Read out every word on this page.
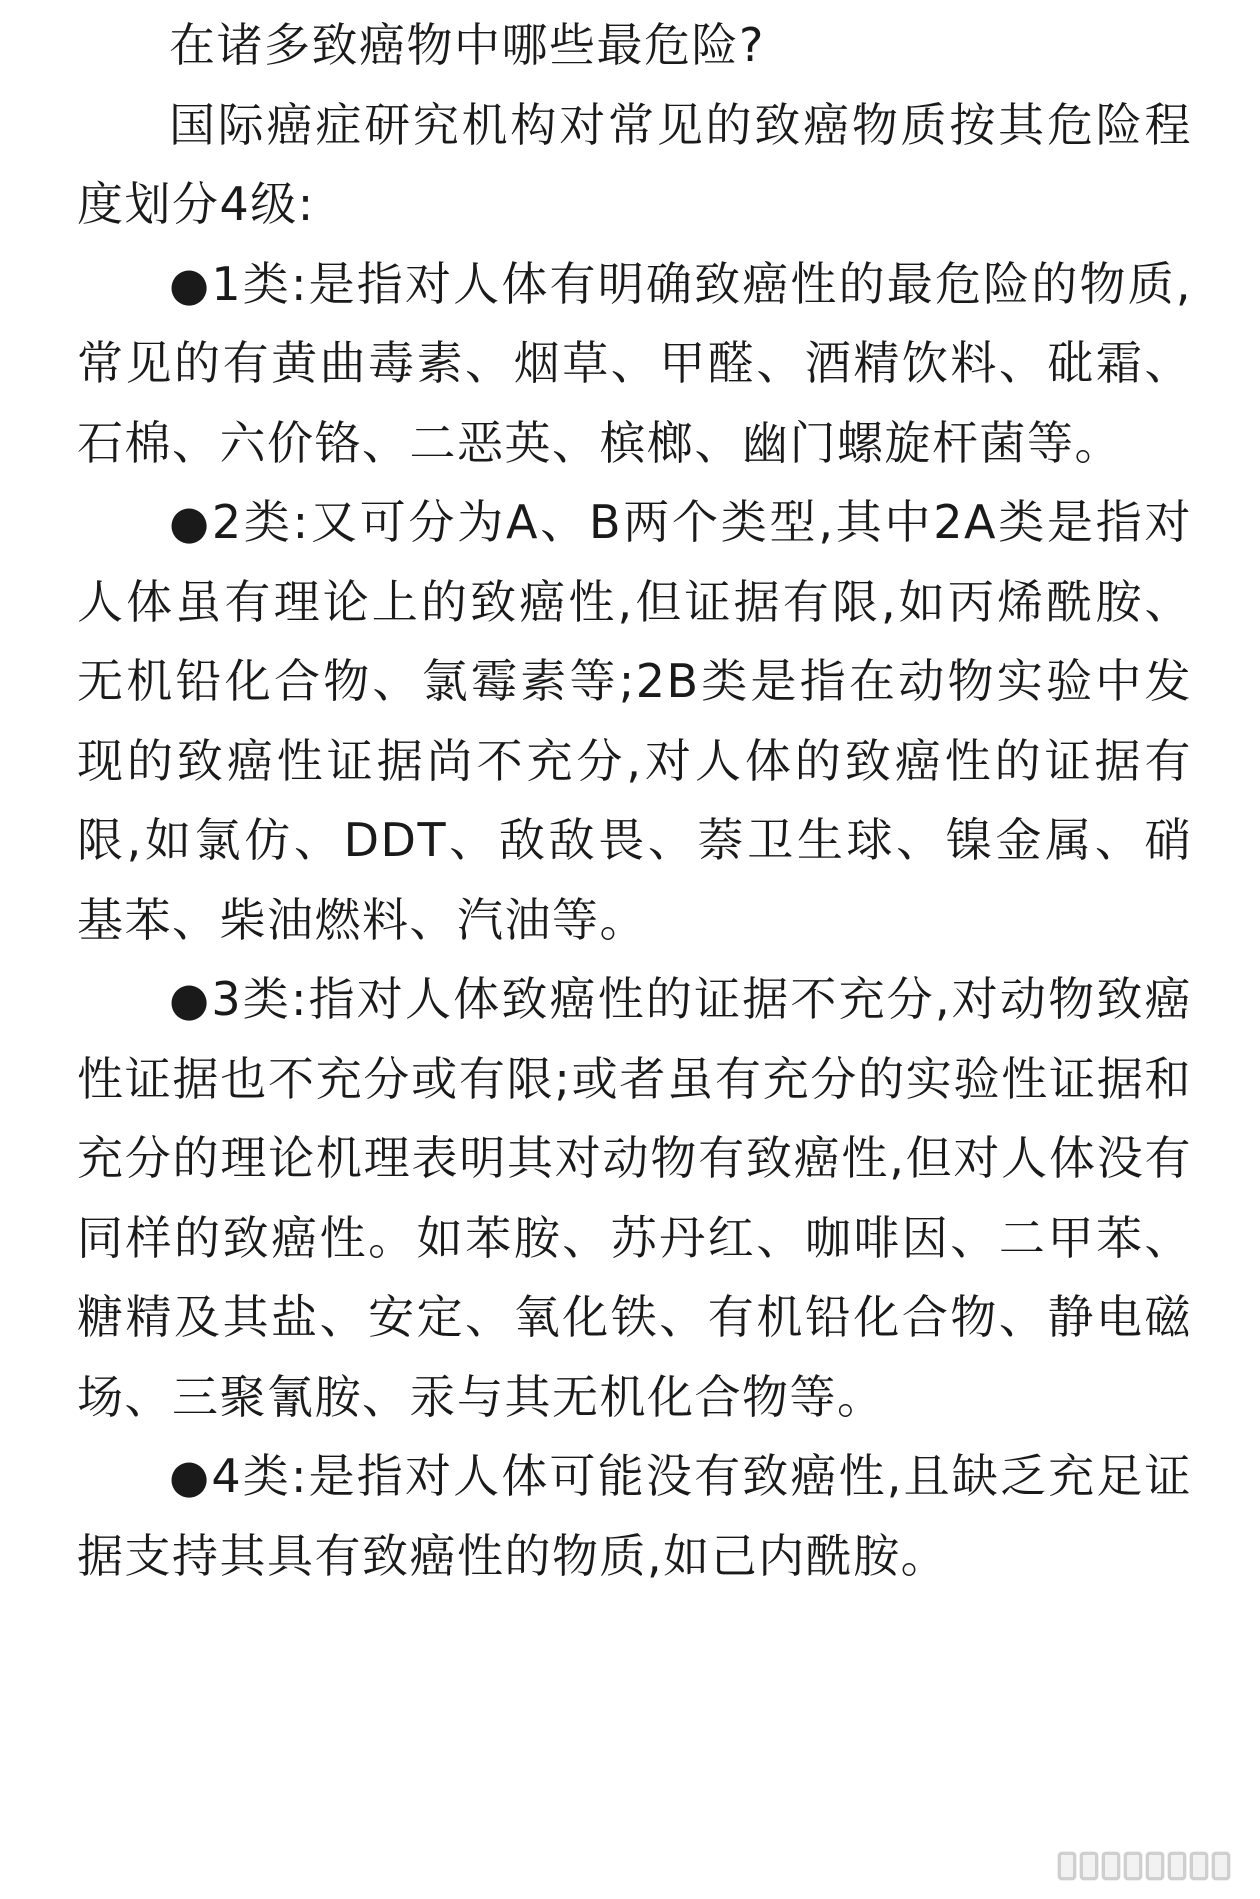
在诸多致癌物中哪些最危险?

国际癌症研究机构对常见的致癌物质按其危险程度划分4级:

●1类:是指对人体有明确致癌性的最危险的物质,常见的有黄曲毒素、烟草、甲醛、酒精饮料、砒霜、石棉、六价铬、二恶英、槟榔、幽门螺旋杆菌等。

●2类:又可分为A、B两个类型,其中2A类是指对人体虽有理论上的致癌性,但证据有限,如丙烯酰胺、无机铅化合物、氯霉素等;2B类是指在动物实验中发现的致癌性证据尚不充分,对人体的致癌性的证据有限,如氯仿、DDT、敌敌畏、萘卫生球、镍金属、硝基苯、柴油燃料、汽油等。

●3类:指对人体致癌性的证据不充分,对动物致癌性证据也不充分或有限;或者虽有充分的实验性证据和充分的理论机理表明其对动物有致癌性,但对人体没有同样的致癌性。如苯胺、苏丹红、咖啡因、二甲苯、糖精及其盐、安定、氧化铁、有机铅化合物、静电磁场、三聚氰胺、汞与其无机化合物等。

●4类:是指对人体可能没有致癌性,且缺乏充足证据支持其具有致癌性的物质,如己内酰胺。
